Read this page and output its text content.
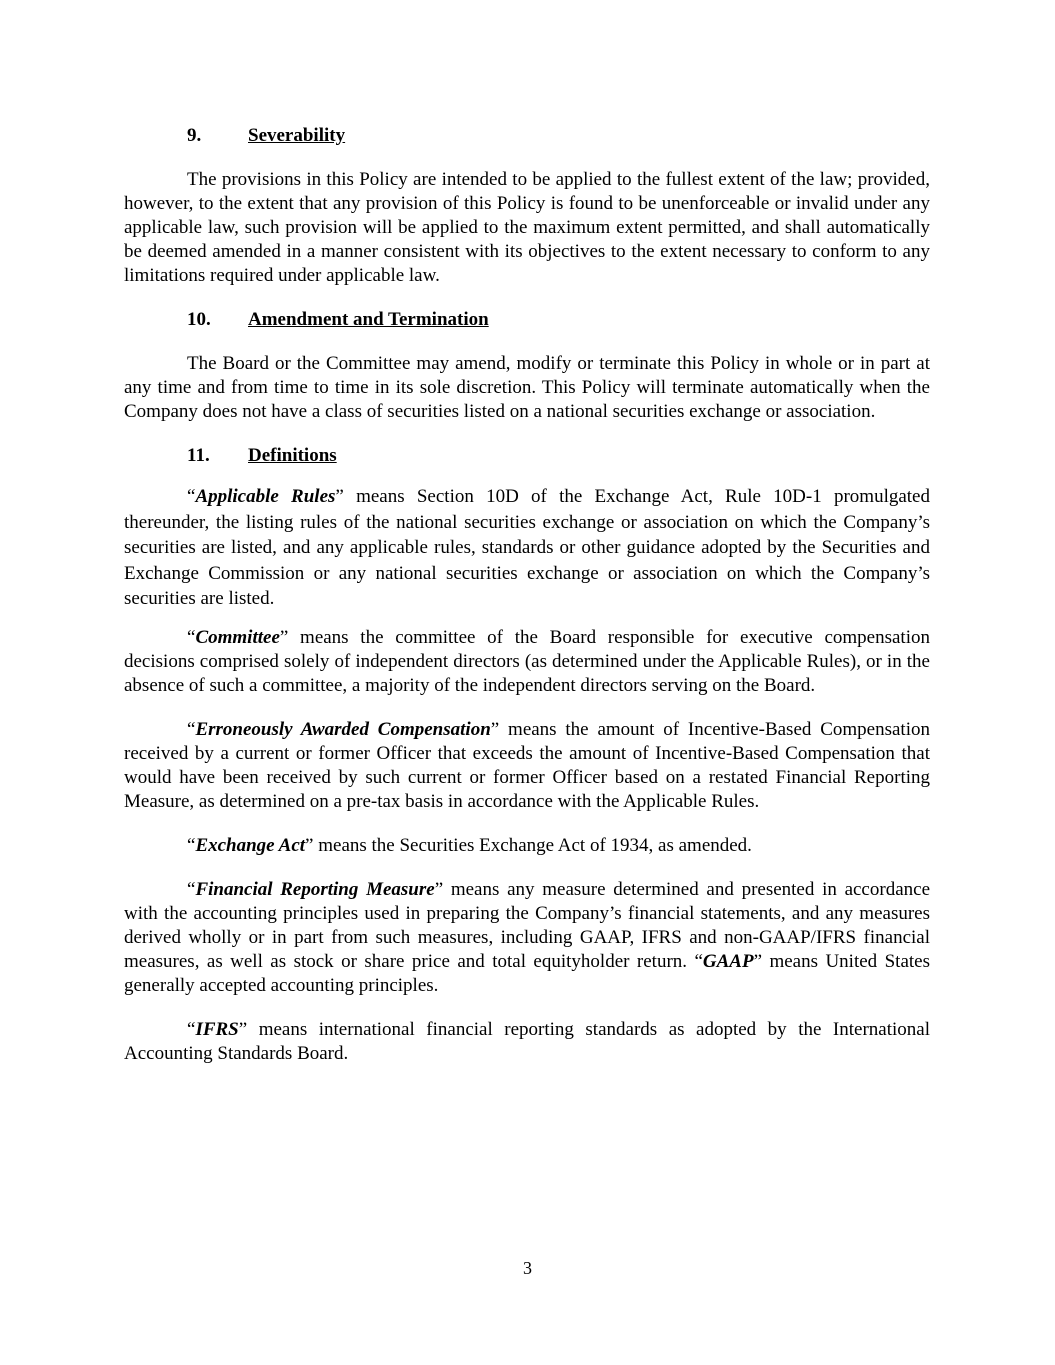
9. Severability

The provisions in this Policy are intended to be applied to the fullest extent of the law; provided, however, to the extent that any provision of this Policy is found to be unenforceable or invalid under any applicable law, such provision will be applied to the maximum extent permitted, and shall automatically be deemed amended in a manner consistent with its objectives to the extent necessary to conform to any limitations required under applicable law.

10. Amendment and Termination

The Board or the Committee may amend, modify or terminate this Policy in whole or in part at any time and from time to time in its sole discretion. This Policy will terminate automatically when the Company does not have a class of securities listed on a national securities exchange or association.

11. Definitions

“Applicable Rules” means Section 10D of the Exchange Act, Rule 10D-1 promulgated thereunder, the listing rules of the national securities exchange or association on which the Company’s securities are listed, and any applicable rules, standards or other guidance adopted by the Securities and Exchange Commission or any national securities exchange or association on which the Company’s securities are listed.

“Committee” means the committee of the Board responsible for executive compensation decisions comprised solely of independent directors (as determined under the Applicable Rules), or in the absence of such a committee, a majority of the independent directors serving on the Board.

“Erroneously Awarded Compensation” means the amount of Incentive-Based Compensation received by a current or former Officer that exceeds the amount of Incentive-Based Compensation that would have been received by such current or former Officer based on a restated Financial Reporting Measure, as determined on a pre-tax basis in accordance with the Applicable Rules.

“Exchange Act” means the Securities Exchange Act of 1934, as amended.

“Financial Reporting Measure” means any measure determined and presented in accordance with the accounting principles used in preparing the Company’s financial statements, and any measures derived wholly or in part from such measures, including GAAP, IFRS and non-GAAP/IFRS financial measures, as well as stock or share price and total equityholder return. “GAAP” means United States generally accepted accounting principles.

“IFRS” means international financial reporting standards as adopted by the International Accounting Standards Board.

3
